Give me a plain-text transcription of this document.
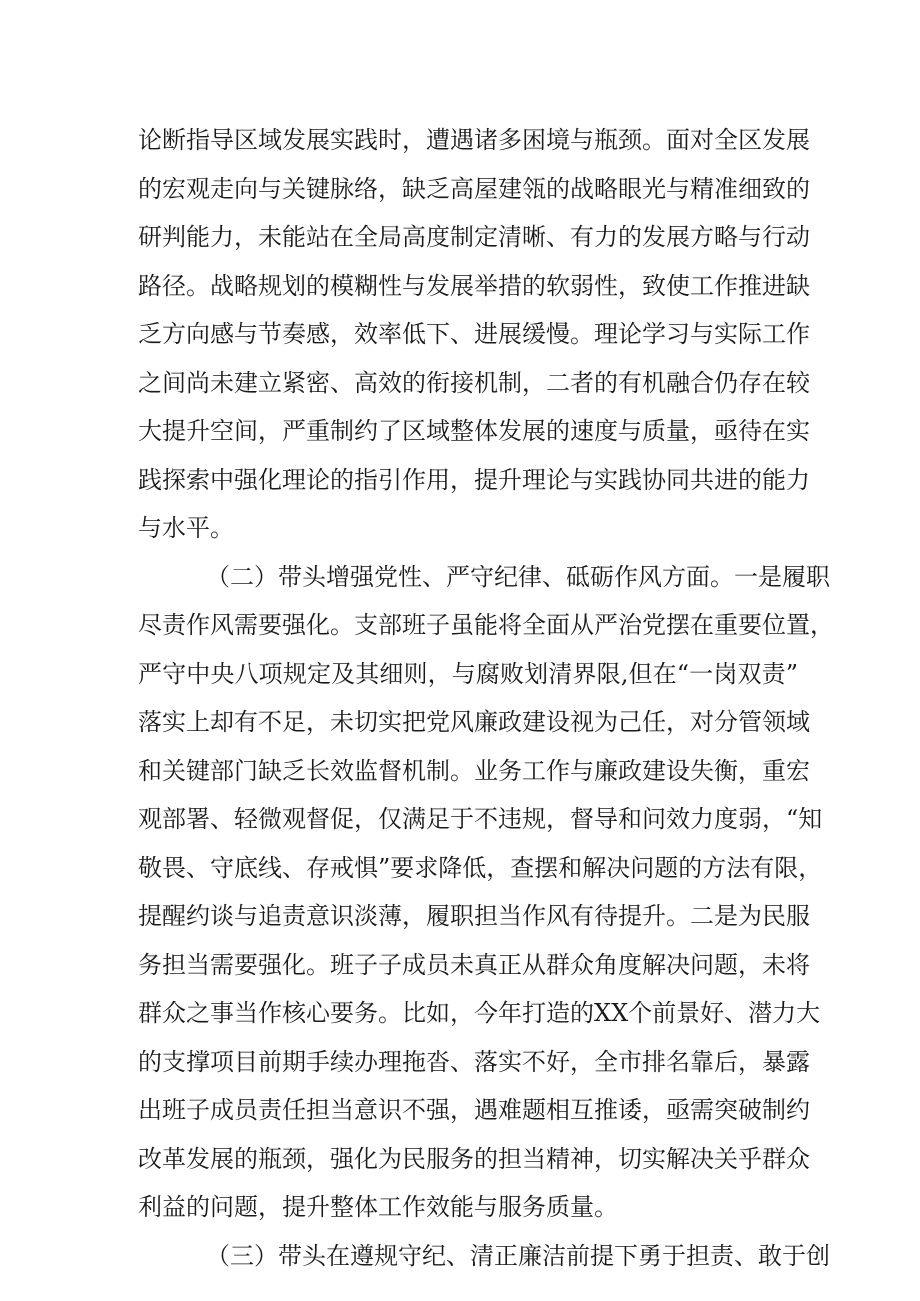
论断指导区域发展实践时，遭遇诸多困境与瓶颈。面对全区发展
的宏观走向与关键脉络，缺乏高屋建瓴的战略眼光与精准细致的
研判能力，未能站在全局高度制定清晰、有力的发展方略与行动
路径。战略规划的模糊性与发展举措的软弱性，致使工作推进缺
乏方向感与节奏感，效率低下、进展缓慢。理论学习与实际工作
之间尚未建立紧密、高效的衔接机制，二者的有机融合仍存在较
大提升空间，严重制约了区域整体发展的速度与质量，亟待在实
践探索中强化理论的指引作用，提升理论与实践协同共进的能力
与水平。
（二）带头增强党性、严守纪律、砥砺作风方面。一是履职
尽责作风需要强化。支部班子虽能将全面从严治党摆在重要位置，
严守中央八项规定及其细则，与腐败划清界限,但在“一岗双责”
落实上却有不足，未切实把党风廉政建设视为己任，对分管领域
和关键部门缺乏长效监督机制。业务工作与廉政建设失衡，重宏
观部署、轻微观督促，仅满足于不违规，督导和问效力度弱，“知
敬畏、守底线、存戒惧”要求降低，查摆和解决问题的方法有限，
提醒约谈与追责意识淡薄，履职担当作风有待提升。二是为民服
务担当需要强化。班子子成员未真正从群众角度解决问题，未将
群众之事当作核心要务。比如，今年打造的XX个前景好、潜力大
的支撑项目前期手续办理拖沓、落实不好，全市排名靠后，暴露
出班子成员责任担当意识不强，遇难题相互推诿，亟需突破制约
改革发展的瓶颈，强化为民服务的担当精神，切实解决关乎群众
利益的问题，提升整体工作效能与服务质量。
（三）带头在遵规守纪、清正廉洁前提下勇于担责、敢于创
